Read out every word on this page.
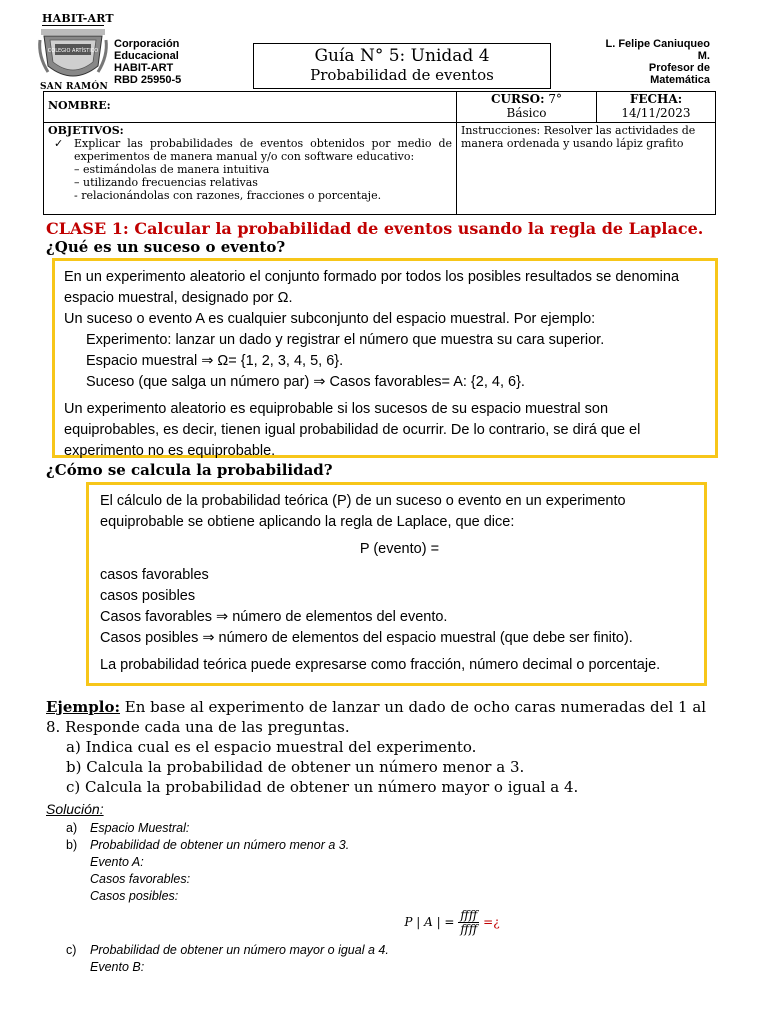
HABIT-ART
COLEGIO ARTÍSTICO
SAN RAMÓN
Corporación
Educacional
HABIT-ART
RBD 25950-5
Guía N° 5: Unidad 4
Probabilidad de eventos
L. Felipe Caniuqueo
M.
Profesor de
Matemática
NOMBRE:	CURSO: 7°
Básico
FECHA:
14/11/2023
OBJETIVOS:
✓ Explicar las probabilidades de eventos obtenidos por medio de experimentos de manera manual y/o con software educativo:
– estimándolas de manera intuitiva
– utilizando frecuencias relativas
- relacionándolas con razones, fracciones o porcentaje.
Instrucciones: Resolver las actividades de manera ordenada y usando lápiz grafito
CLASE 1: Calcular la probabilidad de eventos usando la regla de Laplace.
¿Qué es un suceso o evento?

En un experimento aleatorio el conjunto formado por todos los posibles resultados se denomina espacio muestral, designado por Ω.

Un suceso o evento A es cualquier subconjunto del espacio muestral. Por ejemplo:

Experimento: lanzar un dado y registrar el número que muestra su cara superior.

Espacio muestral ⇒ Ω= {1, 2, 3, 4, 5, 6}.

Suceso (que salga un número par) ⇒ Casos favorables= A: {2, 4, 6}.

Un experimento aleatorio es equiprobable si los sucesos de su espacio muestral son equiprobables, es decir, tienen igual probabilidad de ocurrir. De lo contrario, se dirá que el experimento no es equiprobable.

¿Cómo se calcula la probabilidad?

El cálculo de la probabilidad teórica (P) de un suceso o evento en un experimento equiprobable se obtiene aplicando la regla de Laplace, que dice:

P (evento) =

casos favorables
casos posibles

Casos favorables ⇒ número de elementos del evento.

Casos posibles ⇒ número de elementos del espacio muestral (que debe ser finito).

La probabilidad teórica puede expresarse como fracción, número decimal o porcentaje.

Ejemplo: En base al experimento de lanzar un dado de ocho caras numeradas del 1 al 8. Responde cada una de las preguntas.
a) Indica cual es el espacio muestral del experimento.
b) Calcula la probabilidad de obtener un número menor a 3.
c) Calcula la probabilidad de obtener un número mayor o igual a 4.
Solución:
a) Espacio Muestral:
b) Probabilidad de obtener un número menor a 3.
Evento A:
Casos favorables:
Casos posibles:
P | A | = $\frac{\text{ffff}}{\text{ffff}}$ =¿
c) Probabilidad de obtener un número mayor o igual a 4.
Evento B:
